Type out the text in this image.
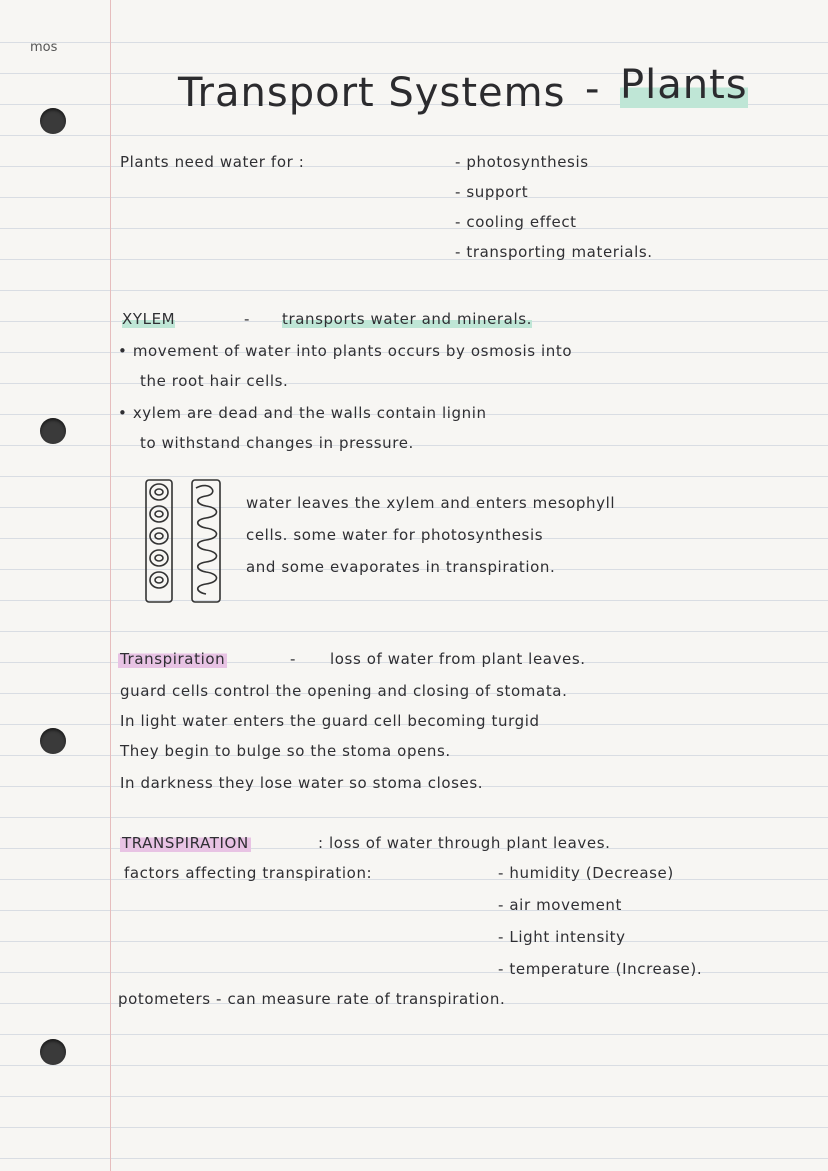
mos
Transport Systems - Plants
Plants need water for :	- photosynthesis
- support
- cooling effect
- transporting materials.
XYLEM	- transports water and minerals.
• movement of water into plants occurs by osmosis into
the root hair cells.
• xylem are dead and the walls contain lignin
to withstand changes in pressure.
water leaves the xylem and enters mesophyll
cells. some water for photosynthesis
and some evaporates in transpiration.
Transpiration	- loss of water from plant leaves.
guard cells control the opening and closing of stomata.
In light water enters the guard cell becoming turgid
They begin to bulge so the stoma opens.
In darkness they lose water so stoma closes.
TRANSPIRATION	: loss of water through plant leaves.
factors affecting transpiration:	- humidity (Decrease)
- air movement
- Light intensity
- temperature (Increase).
potometers - can measure rate of transpiration.
